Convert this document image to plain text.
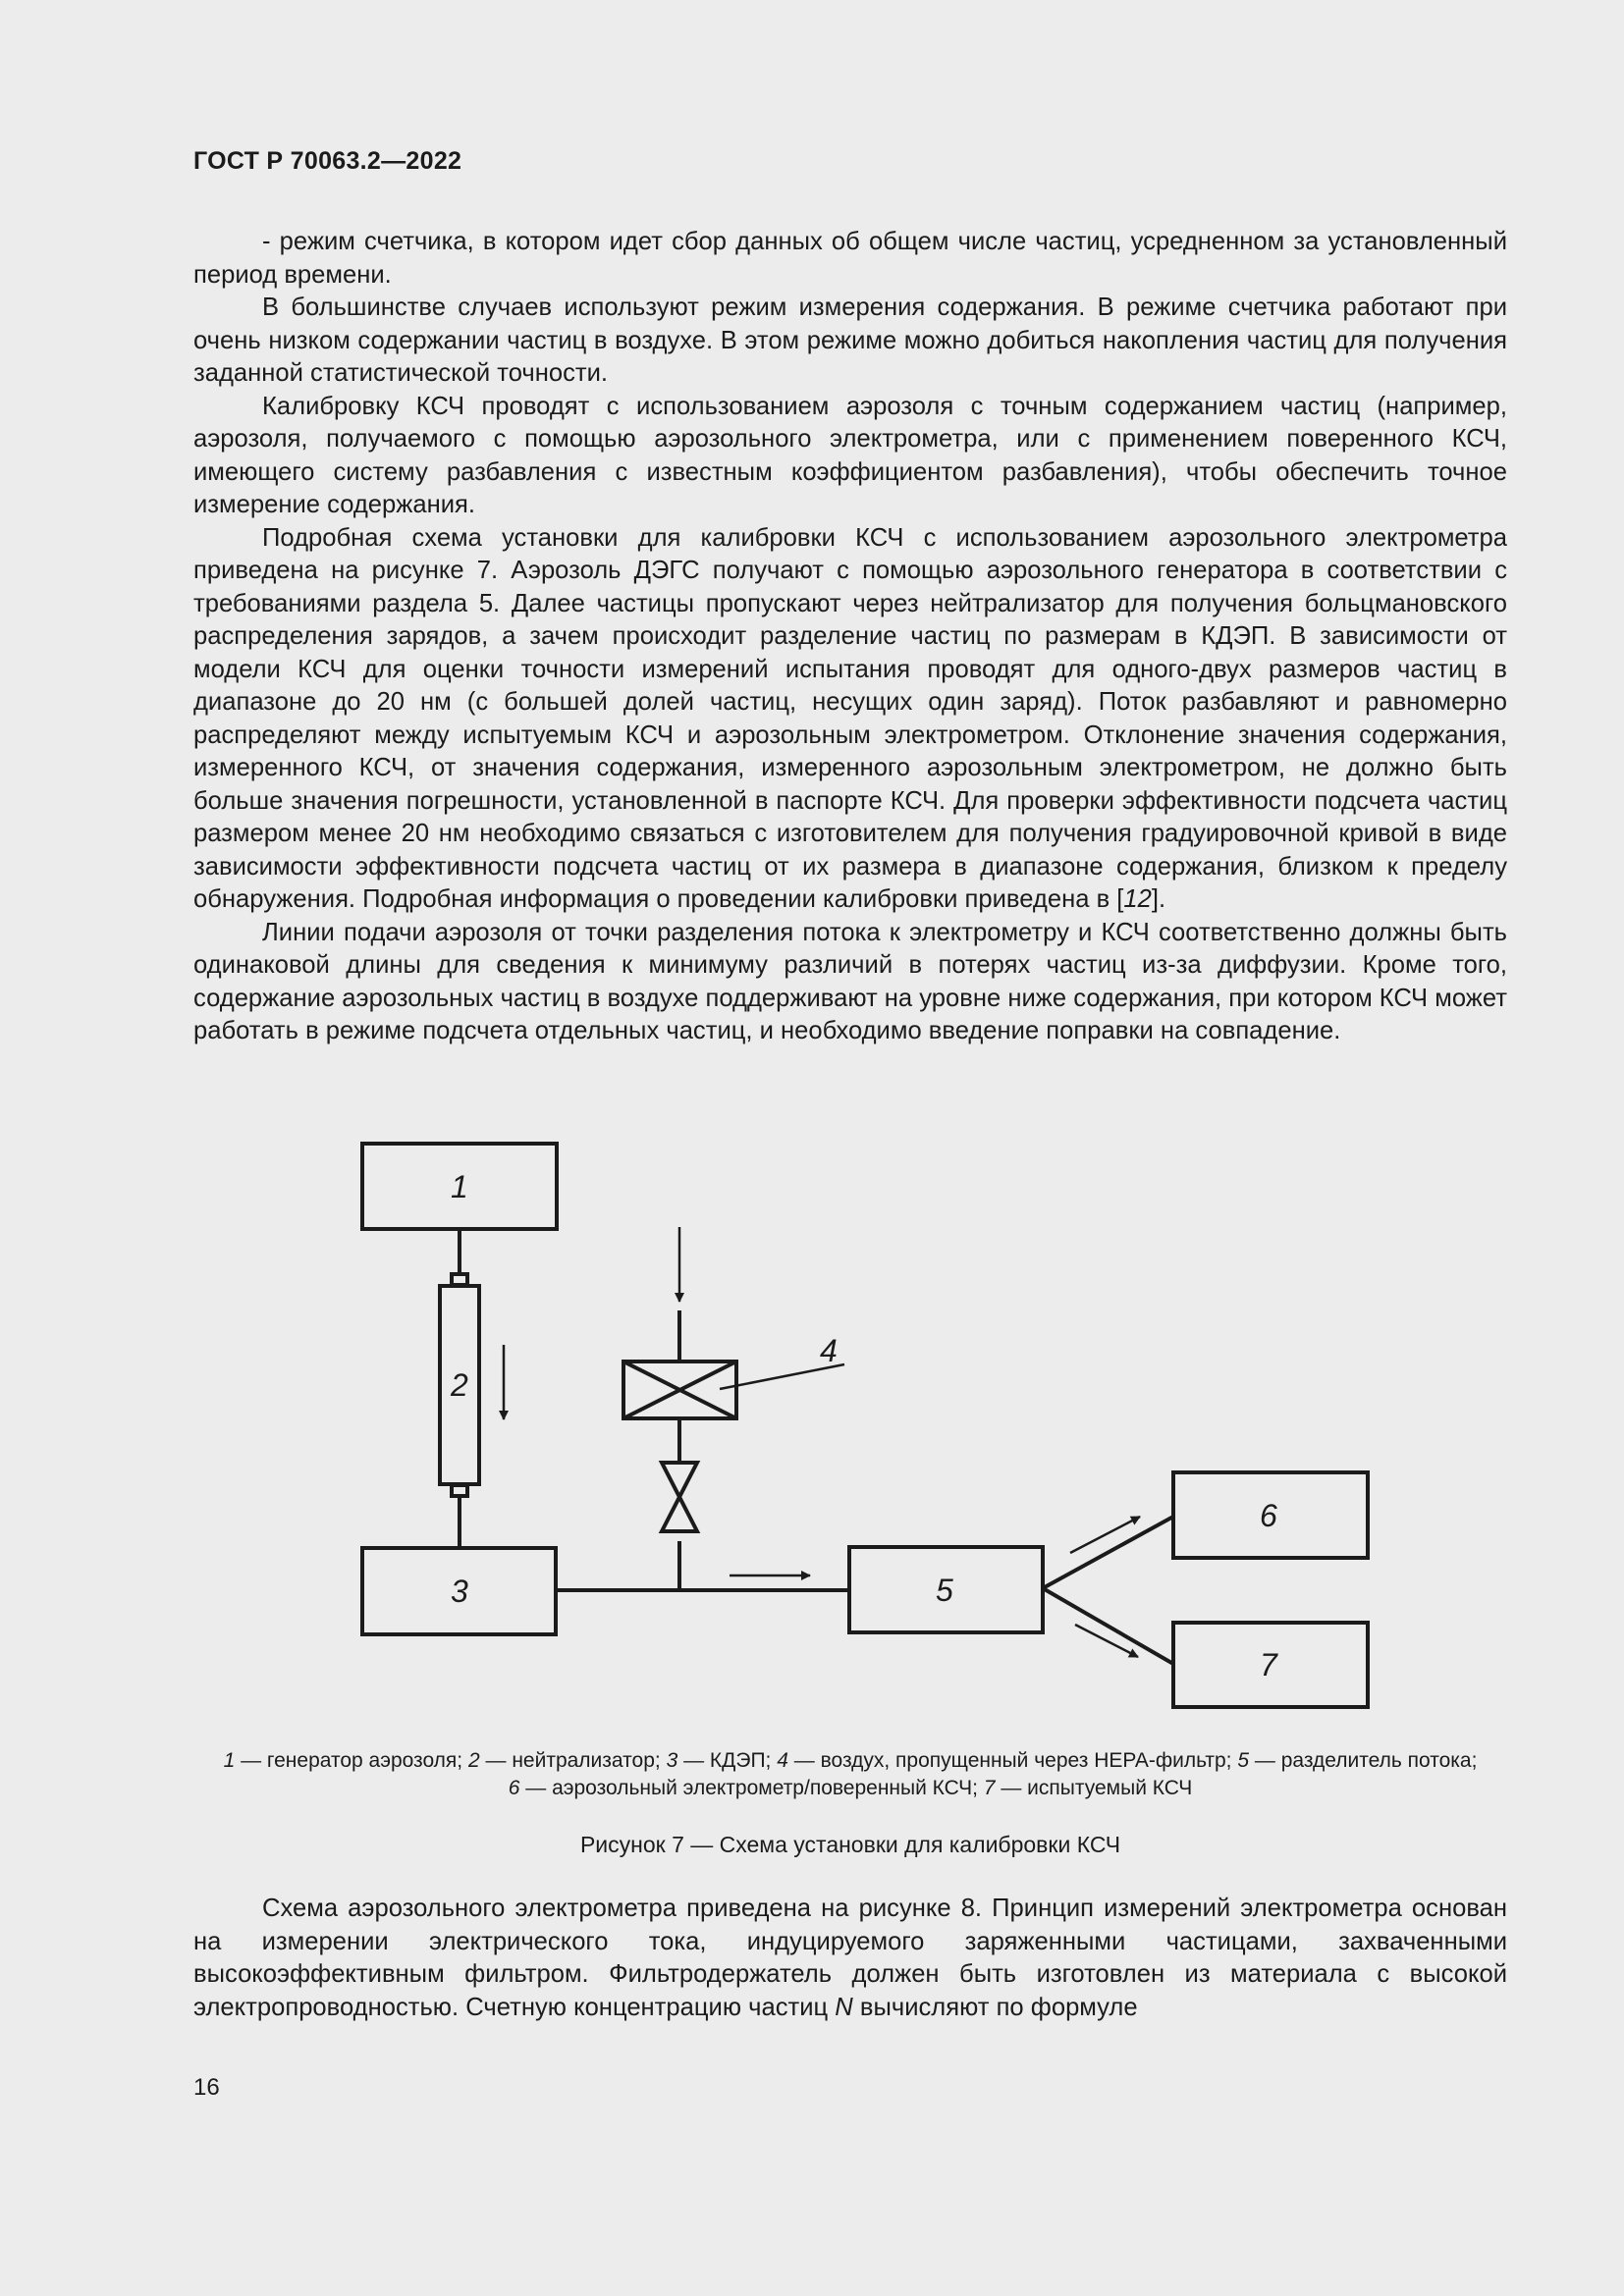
ГОСТ Р 70063.2—2022

- режим счетчика, в котором идет сбор данных об общем числе частиц, усредненном за установленный период времени.

В большинстве случаев используют режим измерения содержания. В режиме счетчика работают при очень низком содержании частиц в воздухе. В этом режиме можно добиться накопления частиц для получения заданной статистической точности.

Калибровку КСЧ проводят с использованием аэрозоля с точным содержанием частиц (например, аэрозоля, получаемого с помощью аэрозольного электрометра, или с применением поверенного КСЧ, имеющего систему разбавления с известным коэффициентом разбавления), чтобы обеспечить точное измерение содержания.

Подробная схема установки для калибровки КСЧ с использованием аэрозольного электрометра приведена на рисунке 7. Аэрозоль ДЭГС получают с помощью аэрозольного генератора в соответствии с требованиями раздела 5. Далее частицы пропускают через нейтрализатор для получения больцмановского распределения зарядов, а зачем происходит разделение частиц по размерам в КДЭП. В зависимости от модели КСЧ для оценки точности измерений испытания проводят для одного-двух размеров частиц в диапазоне до 20 нм (с большей долей частиц, несущих один заряд). Поток разбавляют и равномерно распределяют между испытуемым КСЧ и аэрозольным электрометром. Отклонение значения содержания, измеренного КСЧ, от значения содержания, измеренного аэрозольным электрометром, не должно быть больше значения погрешности, установленной в паспорте КСЧ. Для проверки эффективности подсчета частиц размером менее 20 нм необходимо связаться с изготовителем для получения градуировочной кривой в виде зависимости эффективности подсчета частиц от их размера в диапазоне содержания, близком к пределу обнаружения. Подробная информация о проведении калибровки приведена в [12].

Линии подачи аэрозоля от точки разделения потока к электрометру и КСЧ соответственно должны быть одинаковой длины для сведения к минимуму различий в потерях частиц из-за диффузии. Кроме того, содержание аэрозольных частиц в воздухе поддерживают на уровне ниже содержания, при котором КСЧ может работать в режиме подсчета отдельных частиц, и необходимо введение поправки на совпадение.

1
2
3
4
5
6
7
1 — генератор аэрозоля; 2 — нейтрализатор; 3 — КДЭП; 4 — воздух, пропущенный через HEPA-фильтр; 5 — разделитель потока;
6 — аэрозольный электрометр/поверенный КСЧ; 7 — испытуемый КСЧ
Рисунок 7 — Схема установки для калибровки КСЧ

Схема аэрозольного электрометра приведена на рисунке 8. Принцип измерений электрометра основан на измерении электрического тока, индуцируемого заряженными частицами, захваченными высокоэффективным фильтром. Фильтродержатель должен быть изготовлен из материала с высокой электропроводностью. Счетную концентрацию частиц N вычисляют по формуле

16
